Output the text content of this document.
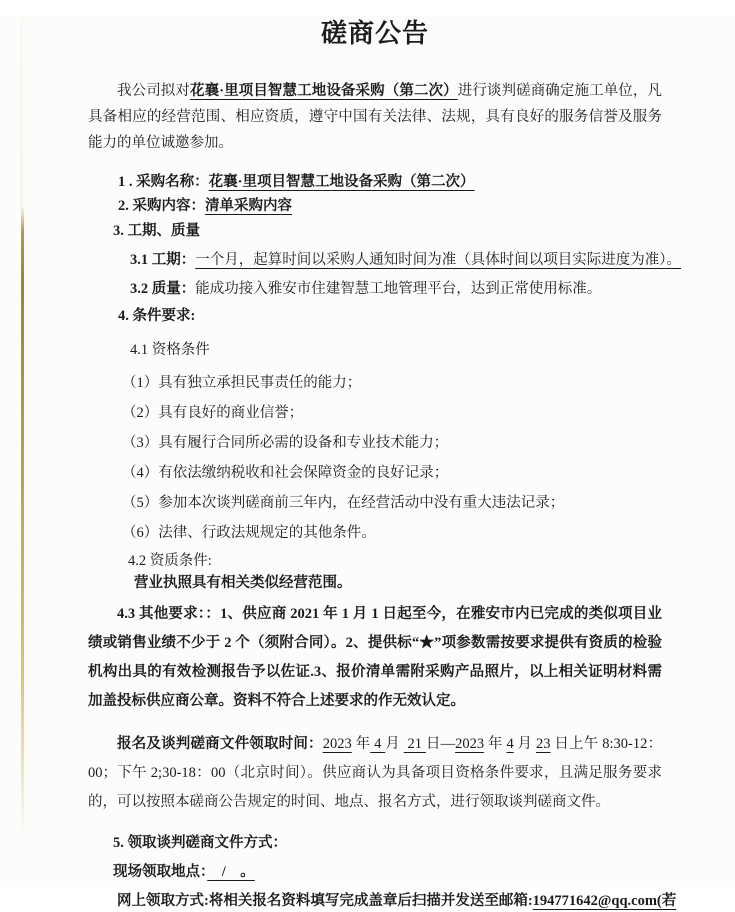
磋商公告

我公司拟对花襄·里项目智慧工地设备采购（第二次）进行谈判磋商确定施工单位，凡具备相应的经营范围、相应资质，遵守中国有关法律、法规，具有良好的服务信誉及服务能力的单位诚邀参加。

1 . 采购名称：花襄·里项目智慧工地设备采购（第二次）
2. 采购内容：清单采购内容
3. 工期、质量
3.1 工期：一个月，起算时间以采购人通知时间为准（具体时间以项目实际进度为准）。
3.2 质量：能成功接入雅安市住建智慧工地管理平台，达到正常使用标准。
4. 条件要求:
4.1 资格条件
（1）具有独立承担民事责任的能力；
（2）具有良好的商业信誉；
（3）具有履行合同所必需的设备和专业技术能力；
（4）有依法缴纳税收和社会保障资金的良好记录；
（5）参加本次谈判磋商前三年内，在经营活动中没有重大违法记录；
（6）法律、行政法规规定的其他条件。
4.2 资质条件:
营业执照具有相关类似经营范围。

4.3 其他要求：：1、供应商 2021 年 1 月 1 日起至今，在雅安市内已完成的类似项目业绩或销售业绩不少于 2 个（须附合同）。2、提供标“★”项参数需按要求提供有资质的检验机构出具的有效检测报告予以佐证.3、报价清单需附采购产品照片，以上相关证明材料需加盖投标供应商公章。资料不符合上述要求的作无效认定。

报名及谈判磋商文件领取时间：2023 年 4 月  21 日—2023 年 4 月 23 日上午 8:30-12：00；下午 2;30-18：00（北京时间）。供应商认为具备项目资格条件要求，且满足服务要求的，可以按照本磋商公告规定的时间、地点、报名方式，进行领取谈判磋商文件。

5. 领取谈判磋商文件方式：
现场领取地点：　/　。
网上领取方式:将相关报名资料填写完成盖章后扫描并发送至邮箱:194771642@qq.com(若
